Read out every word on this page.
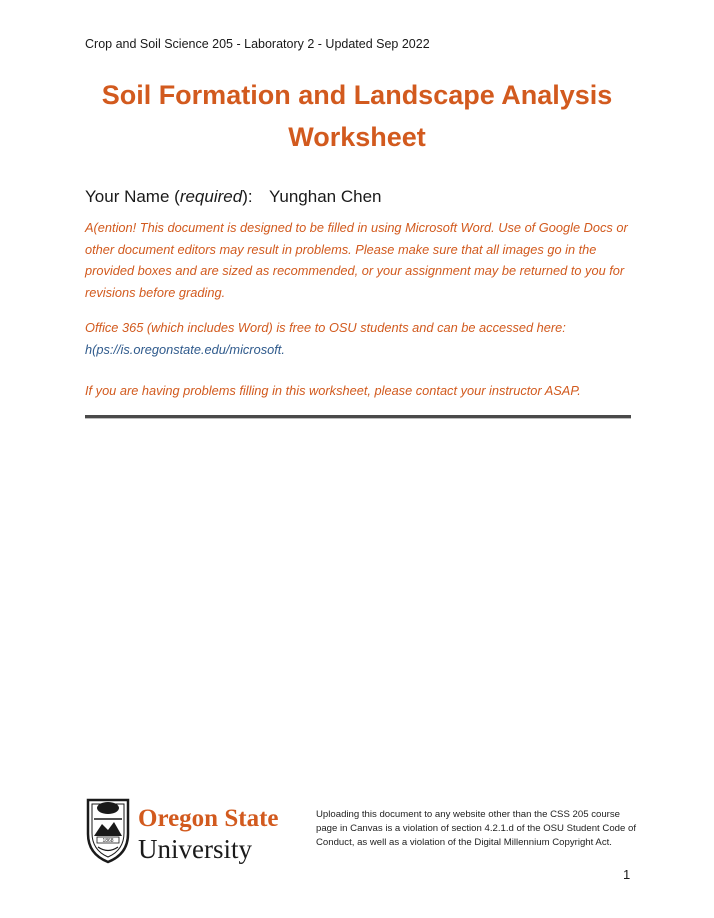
Crop and Soil Science 205 - Laboratory 2 - Updated Sep 2022
Soil Formation and Landscape Analysis
Worksheet
Your Name (required): Yunghan Chen
A(ention! This document is designed to be filled in using Microsoft Word. Use of Google Docs or other document editors may result in problems. Please make sure that all images go in the provided boxes and are sized as recommended, or your assignment may be returned to you for revisions before grading.
Office 365 (which includes Word) is free to OSU students and can be accessed here: h(ps://is.oregonstate.edu/microsoft.
If you are having problems filling in this worksheet, please contact your instructor ASAP.
1868
Oregon State
University
Uploading this document to any website other than the CSS 205 course page in Canvas is a violation of section 4.2.1.d of the OSU Student Code of Conduct, as well as a violation of the Digital Millennium Copyright Act.
1
